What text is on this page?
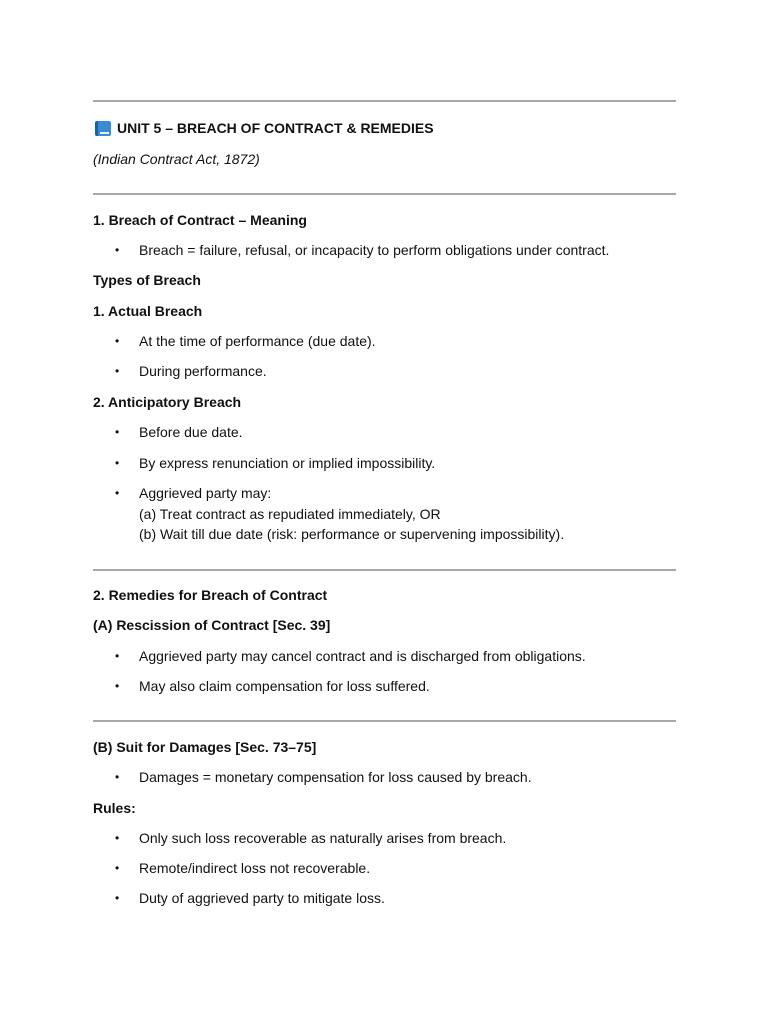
UNIT 5 – BREACH OF CONTRACT & REMEDIES
(Indian Contract Act, 1872)
1. Breach of Contract – Meaning
• Breach = failure, refusal, or incapacity to perform obligations under contract.
Types of Breach
1. Actual Breach
• At the time of performance (due date).
• During performance.
2. Anticipatory Breach
• Before due date.
• By express renunciation or implied impossibility.
• Aggrieved party may:
(a) Treat contract as repudiated immediately, OR
(b) Wait till due date (risk: performance or supervening impossibility).
2. Remedies for Breach of Contract
(A) Rescission of Contract [Sec. 39]
• Aggrieved party may cancel contract and is discharged from obligations.
• May also claim compensation for loss suffered.
(B) Suit for Damages [Sec. 73–75]
• Damages = monetary compensation for loss caused by breach.
Rules:
• Only such loss recoverable as naturally arises from breach.
• Remote/indirect loss not recoverable.
• Duty of aggrieved party to mitigate loss.
